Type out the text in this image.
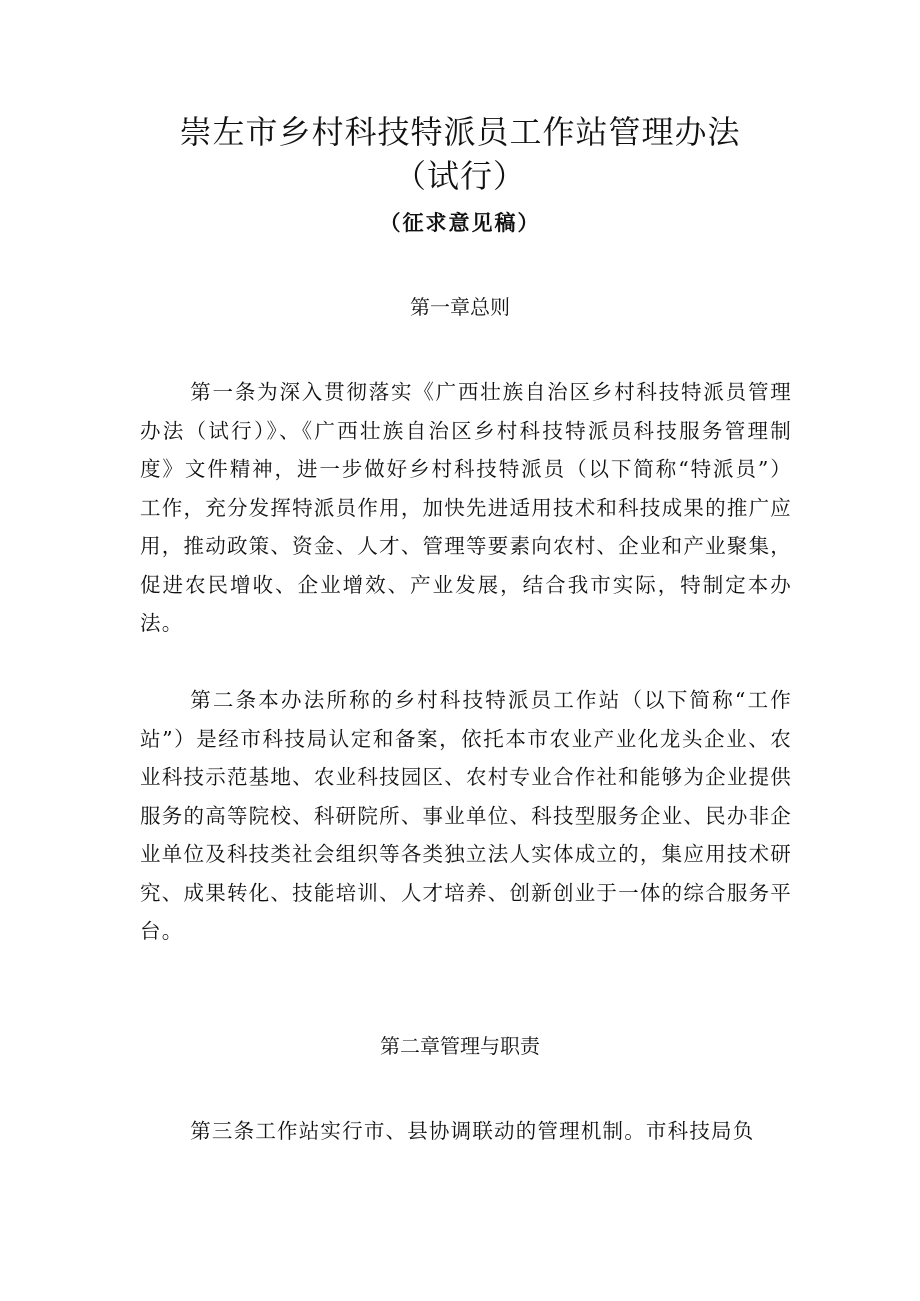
崇左市乡村科技特派员工作站管理办法
（试行）
（征求意见稿）
第一章总则

第一条为深入贯彻落实《广西壮族自治区乡村科技特派员管理办法（试行）》、《广西壮族自治区乡村科技特派员科技服务管理制度》文件精神，进一步做好乡村科技特派员（以下简称“特派员”）工作，充分发挥特派员作用，加快先进适用技术和科技成果的推广应用，推动政策、资金、人才、管理等要素向农村、企业和产业聚集，促进农民增收、企业增效、产业发展，结合我市实际，特制定本办法。

第二条本办法所称的乡村科技特派员工作站（以下简称“工作站”）是经市科技局认定和备案，依托本市农业产业化龙头企业、农业科技示范基地、农业科技园区、农村专业合作社和能够为企业提供服务的高等院校、科研院所、事业单位、科技型服务企业、民办非企业单位及科技类社会组织等各类独立法人实体成立的，集应用技术研究、成果转化、技能培训、人才培养、创新创业于一体的综合服务平台。

第二章管理与职责

第三条工作站实行市、县协调联动的管理机制。市科技局负
